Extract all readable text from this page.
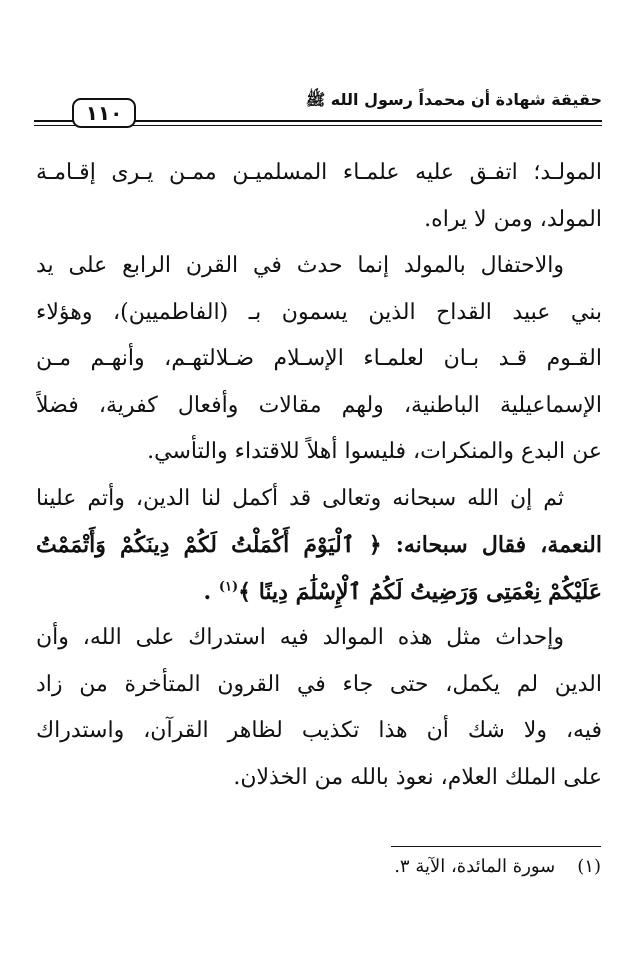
حقيقة شهادة أن محمداً رسول الله ﷺ
١١٠
المولـد؛ اتفـق عليه علمـاء المسلميـن ممـن يـرى إقـامـة
المولد، ومن لا يراه.
والاحتفال بالمولد إنما حدث في القرن الرابع على يد
بني عبيد القداح الذين يسمون بـ (الفاطميين)، وهؤلاء
القـوم قـد بـان لعلمـاء الإسـلام ضـلالتهـم، وأنهـم مـن
الإسماعيلية الباطنية، ولهم مقالات وأفعال كفرية، فضلاً
عن البدع والمنكرات، فليسوا أهلاً للاقتداء والتأسي.
ثم إن الله سبحانه وتعالى قد أكمل لنا الدين، وأتم علينا
النعمة، فقال سبحانه: ﴿ ٱلْيَوْمَ أَكْمَلْتُ لَكُمْ دِينَكُمْ وَأَتْمَمْتُ
عَلَيْكُمْ نِعْمَتِى وَرَضِيتُ لَكُمُ ٱلْإِسْلَٰمَ دِينًا ﴾$^{(١)}$ .
وإحداث مثل هذه الموالد فيه استدراك على الله، وأن
الدين لم يكمل، حتى جاء في القرون المتأخرة من زاد
فيه، ولا شك أن هذا تكذيب لظاهر القرآن، واستدراك
على الملك العلام، نعوذ بالله من الخذلان.
(١)سورة المائدة، الآية ٣.
